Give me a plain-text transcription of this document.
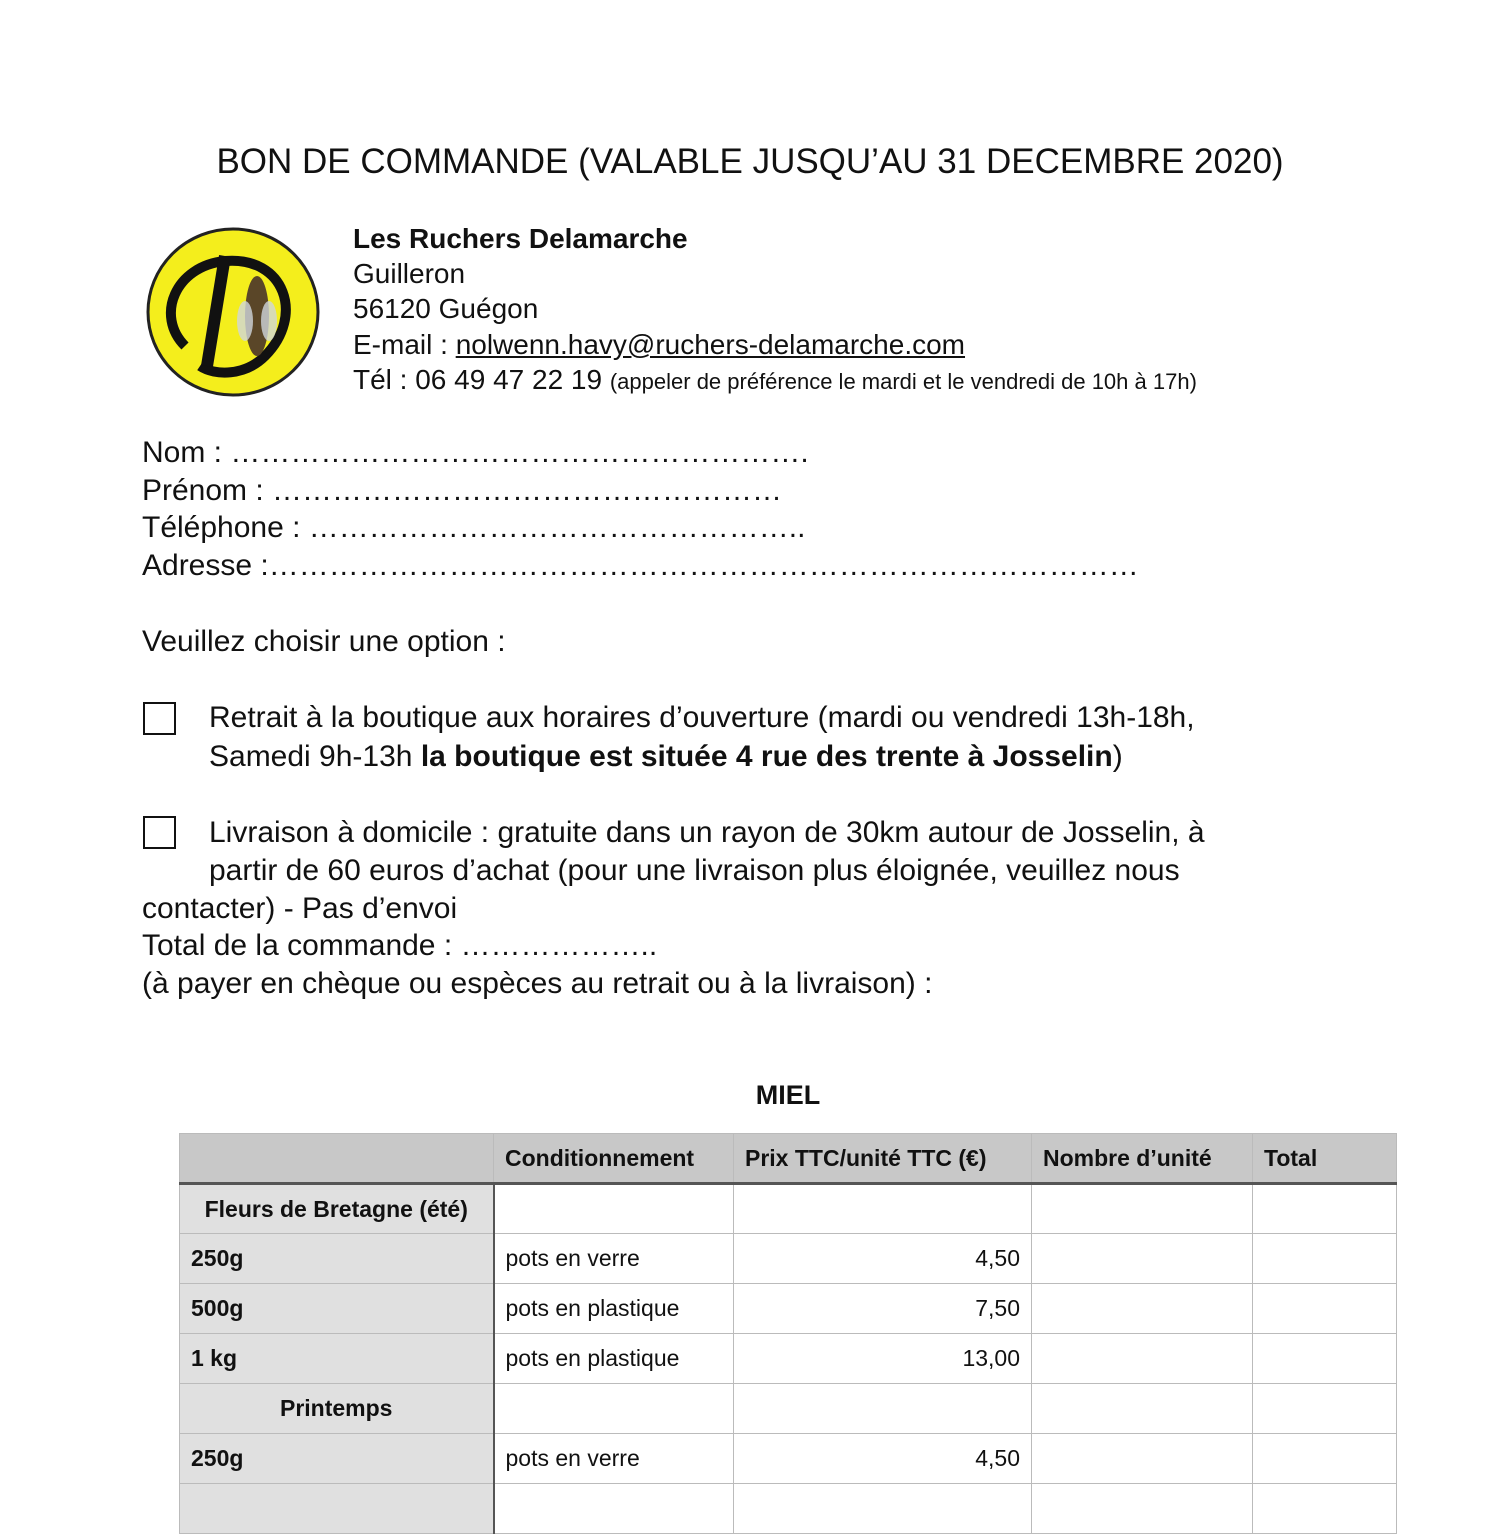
BON DE COMMANDE (VALABLE JUSQU’AU 31 DECEMBRE 2020)
Les Ruchers Delamarche
Guilleron
56120 Guégon
E-mail : nolwenn.havy@ruchers-delamarche.com
Tél : 06 49 47 22 19 (appeler de préférence le mardi et le vendredi de 10h à 17h)
Nom : ………………………………………………….
Prénom : ……………………………………………
Téléphone : …………………………………………..
Adresse :……………………………………………………………………………
Veuillez choisir une option :
Retrait à la boutique aux horaires d’ouverture (mardi ou vendredi 13h-18h,
Samedi 9h-13h la boutique est située 4 rue des trente à Josselin)
Livraison à domicile : gratuite dans un rayon de 30km autour de Josselin, à
partir de 60 euros d’achat (pour une livraison plus éloignée, veuillez nous
contacter) - Pas d’envoi
Total de la commande : ………………..
(à payer en chèque ou espèces au retrait ou à la livraison) :
MIEL
	Conditionnement	Prix TTC/unité TTC (€)	Nombre d’unité	Total
Fleurs de Bretagne (été)				
250g	pots en verre	4,50		
500g	pots en plastique	7,50		
1 kg	pots en plastique	13,00		
Printemps				
250g	pots en verre	4,50		
